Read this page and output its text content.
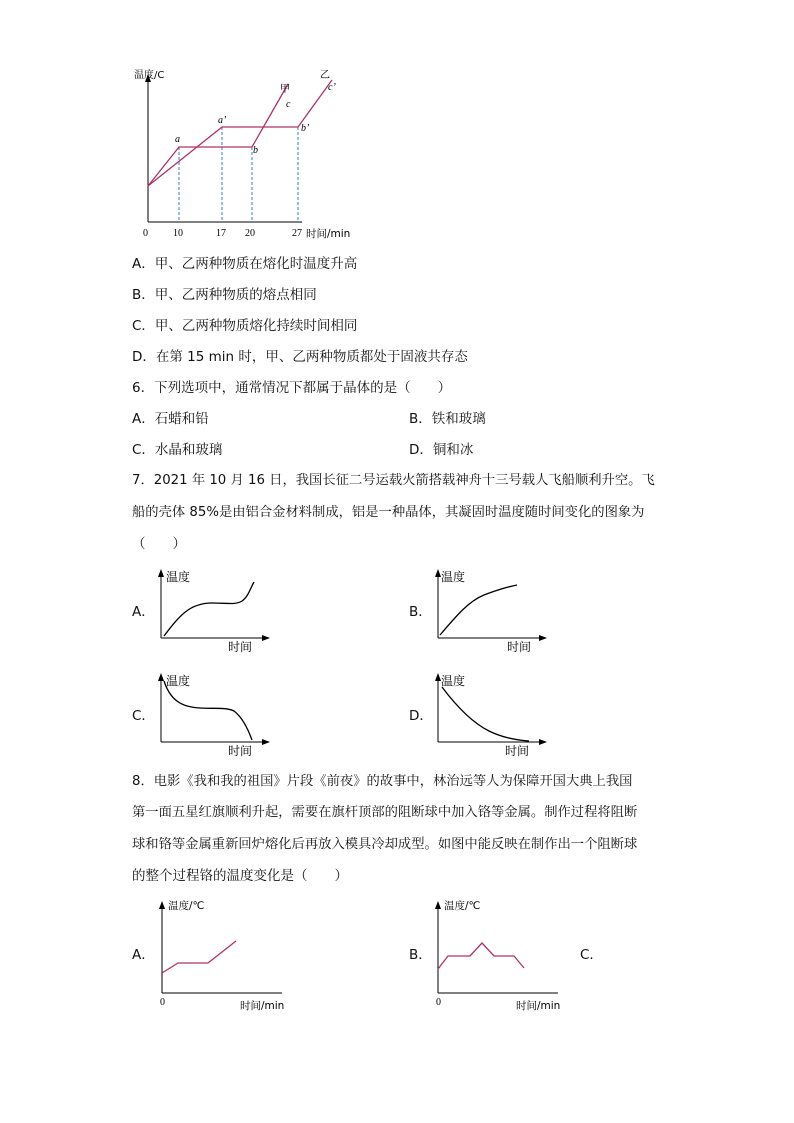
温度/C
0	10	17 20	27 时间/min
a
b
c
a’
b’
c’
甲
乙
A．甲、乙两种物质在熔化时温度升高
B．甲、乙两种物质的熔点相同
C．甲、乙两种物质熔化持续时间相同
D．在第 15 min 时，甲、乙两种物质都处于固液共存态
6．下列选项中，通常情况下都属于晶体的是（　　）
A．石蜡和铅	B．铁和玻璃
C．水晶和玻璃	D．铜和冰
7．2021 年 10 月 16 日，我国长征二号运载火箭搭载神舟十三号载人飞船顺利升空。飞
船的壳体 85%是由铝合金材料制成，铝是一种晶体，其凝固时温度随时间变化的图象为
（　　）
A．
温度
时间
B．
温度
时间
C．
温度
时间
D．
温度
时间
8．电影《我和我的祖国》片段《前夜》的故事中，林治远等人为保障开国大典上我国
第一面五星红旗顺利升起，需要在旗杆顶部的阻断球中加入铬等金属。制作过程将阻断
球和铬等金属重新回炉熔化后再放入模具冷却成型。如图中能反映在制作出一个阻断球
的整个过程铬的温度变化是（　　）
A．
温度/℃
0	时间/min
B．
温度/℃
0	时间/min
C．
